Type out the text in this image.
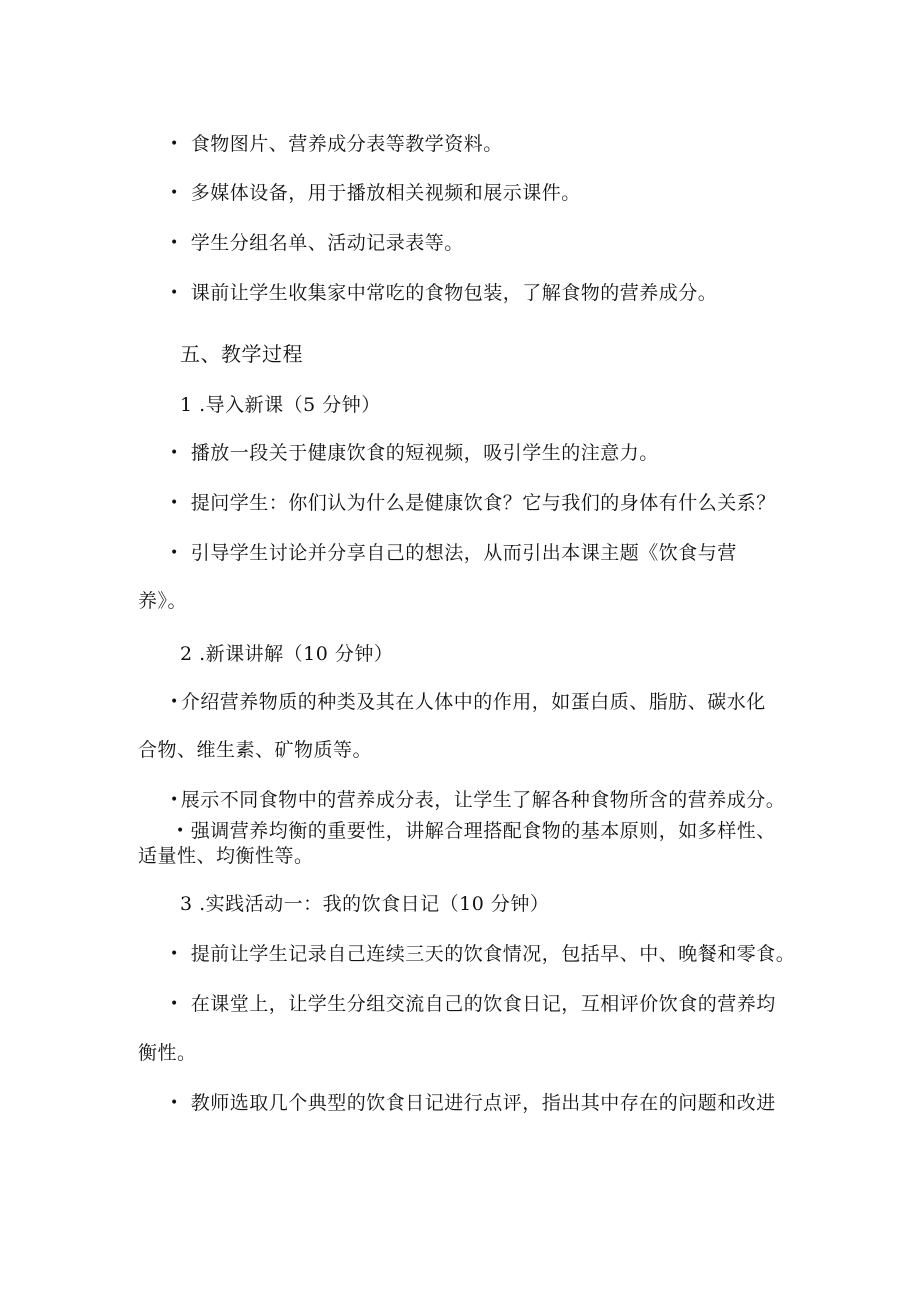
• 食物图片、营养成分表等教学资料。
• 多媒体设备，用于播放相关视频和展示课件。
• 学生分组名单、活动记录表等。
• 课前让学生收集家中常吃的食物包装，了解食物的营养成分。
五、教学过程
1 .导入新课（5 分钟）
• 播放一段关于健康饮食的短视频，吸引学生的注意力。
• 提问学生：你们认为什么是健康饮食？它与我们的身体有什么关系？
• 引导学生讨论并分享自己的想法，从而引出本课主题《饮食与营
养》。
2 .新课讲解（10 分钟）
• 介绍营养物质的种类及其在人体中的作用，如蛋白质、脂肪、碳水化
合物、维生素、矿物质等。
• 展示不同食物中的营养成分表，让学生了解各种食物所含的营养成分。
• 强调营养均衡的重要性，讲解合理搭配食物的基本原则，如多样性、
适量性、均衡性等。
3 .实践活动一：我的饮食日记（10 分钟）
• 提前让学生记录自己连续三天的饮食情况，包括早、中、晚餐和零食。
• 在课堂上，让学生分组交流自己的饮食日记，互相评价饮食的营养均
衡性。
• 教师选取几个典型的饮食日记进行点评，指出其中存在的问题和改进
